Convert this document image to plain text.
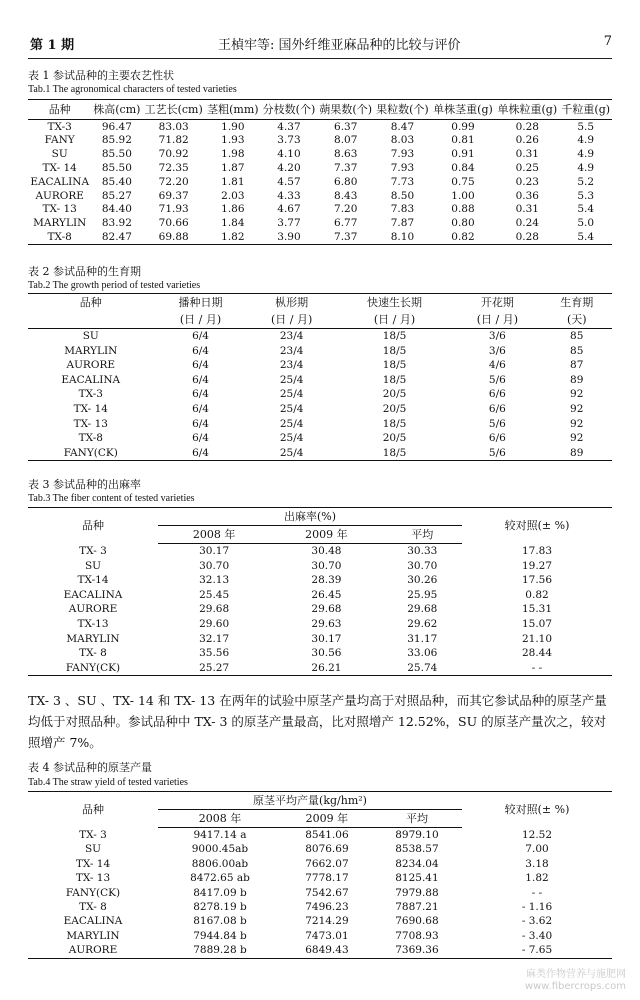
第 1 期	王楨牢等: 国外纤维亚麻品种的比较与评价	7
表 1 参试品种的主要农艺性状
Tab.1 The agronomical characters of tested varieties
品种	株高(cm)	工艺长(cm)	茎粗(mm)	分枝数(个)	蒴果数(个)	果粒数(个)	单株茎重(g)	单株粒重(g)	千粒重(g)
TX-3	96.47	83.03	1.90	4.37	6.37	8.47	0.99	0.28	5.5
FANY	85.92	71.82	1.93	3.73	8.07	8.03	0.81	0.26	4.9
SU	85.50	70.92	1.98	4.10	8.63	7.93	0.91	0.31	4.9
TX- 14	85.50	72.35	1.87	4.20	7.37	7.93	0.84	0.25	4.9
EACALINA	85.40	72.20	1.81	4.57	6.80	7.73	0.75	0.23	5.2
AURORE	85.27	69.37	2.03	4.33	8.43	8.50	1.00	0.36	5.3
TX- 13	84.40	71.93	1.86	4.67	7.20	7.83	0.88	0.31	5.4
MARYLIN	83.92	70.66	1.84	3.77	6.77	7.87	0.80	0.24	5.0
TX-8	82.47	69.88	1.82	3.90	7.37	8.10	0.82	0.28	5.4
表 2 参试品种的生育期
Tab.2 The growth period of tested varieties
品种	播种日期	枞形期	快速生长期	开花期	生育期
	(日 / 月)	(日 / 月)	(日 / 月)	(日 / 月)	(天)
SU	6/4	23/4	18/5	3/6	85
MARYLIN	6/4	23/4	18/5	3/6	85
AURORE	6/4	23/4	18/5	4/6	87
EACALINA	6/4	25/4	18/5	5/6	89
TX-3	6/4	25/4	20/5	6/6	92
TX- 14	6/4	25/4	20/5	6/6	92
TX- 13	6/4	25/4	18/5	5/6	92
TX-8	6/4	25/4	20/5	6/6	92
FANY(CK)	6/4	25/4	18/5	5/6	89
表 3 参试品种的出麻率
Tab.3 The fiber content of tested varieties
品种	出麻率(%)			较对照(± %)
	2008 年	2009 年	平均	
TX- 3	30.17	30.48	30.33	17.83
SU	30.70	30.70	30.70	19.27
TX-14	32.13	28.39	30.26	17.56
EACALINA	25.45	26.45	25.95	0.82
AURORE	29.68	29.68	29.68	15.31
TX-13	29.60	29.63	29.62	15.07
MARYLIN	32.17	30.17	31.17	21.10
TX- 8	35.56	30.56	33.06	28.44
FANY(CK)	25.27	26.21	25.74	- -
TX- 3 、SU 、TX- 14 和 TX- 13 在两年的试验中原茎产量均高于对照品种，而其它参试品种的原茎产量均低于对照品种。参试品种中 TX- 3 的原茎产量最高，比对照增产 12.52%，SU 的原茎产量次之，较对照增产 7%。
表 4 参试品种的原茎产量
Tab.4 The straw yield of tested varieties
品种	原茎平均产量(kg/hm²)			较对照(± %)
	2008 年	2009 年	平均	
TX- 3	9417.14 a	8541.06	8979.10	12.52
SU	9000.45ab	8076.69	8538.57	7.00
TX- 14	8806.00ab	7662.07	8234.04	3.18
TX- 13	8472.65 ab	7778.17	8125.41	1.82
FANY(CK)	8417.09 b	7542.67	7979.88	- -
TX- 8	8278.19 b	7496.23	7887.21	- 1.16
EACALINA	8167.08 b	7214.29	7690.68	- 3.62
MARYLIN	7944.84 b	7473.01	7708.93	- 3.40
AURORE	7889.28 b	6849.43	7369.36	- 7.65
麻类作物营养与施肥网
www.fibercrops.com
